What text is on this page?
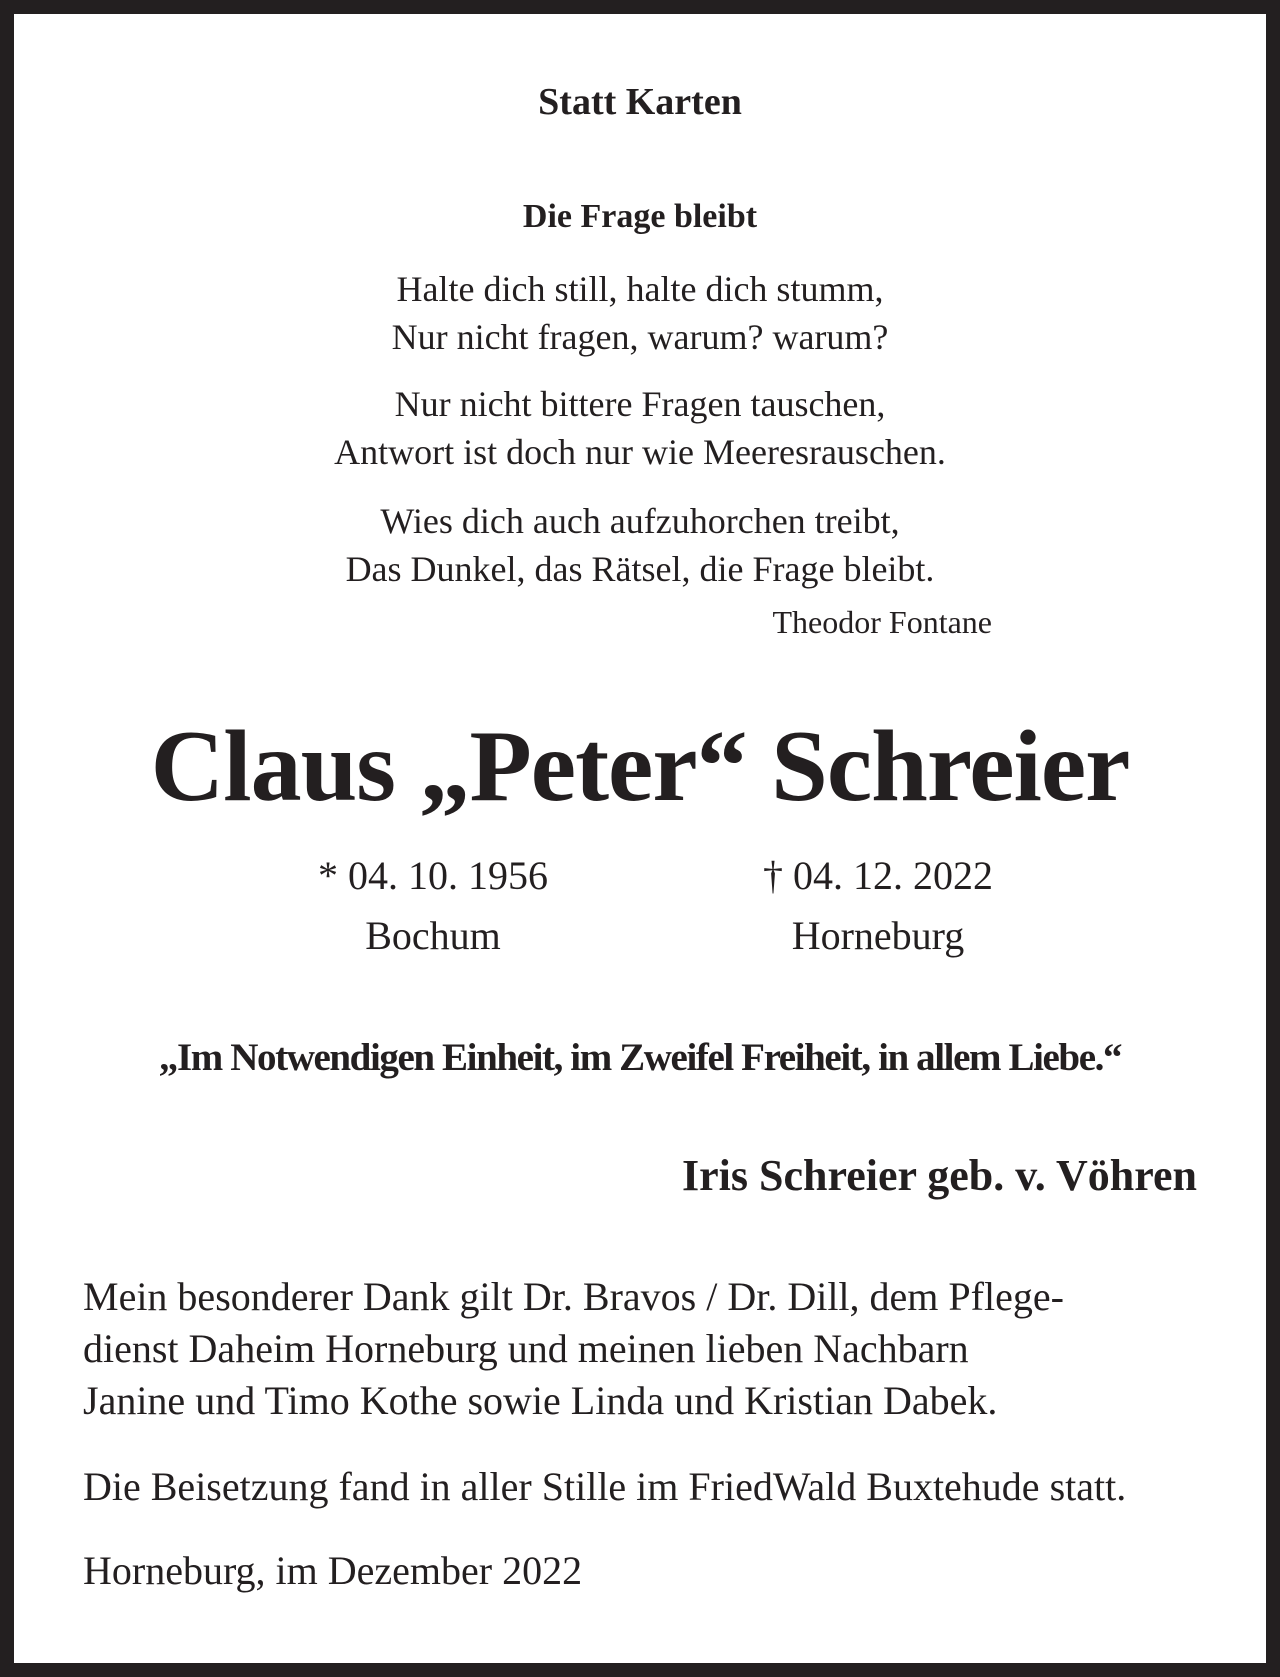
Statt Karten
Die Frage bleibt
Halte dich still, halte dich stumm,
Nur nicht fragen, warum? warum?
Nur nicht bittere Fragen tauschen,
Antwort ist doch nur wie Meeresrauschen.
Wies dich auch aufzuhorchen treibt,
Das Dunkel, das Rätsel, die Frage bleibt.
Theodor Fontane
Claus „Peter“ Schreier
* 04. 10. 1956
Bochum
† 04. 12. 2022
Horneburg
„Im Notwendigen Einheit, im Zweifel Freiheit, in allem Liebe.“
Iris Schreier geb. v. Vöhren
Mein besonderer Dank gilt Dr. Bravos / Dr. Dill, dem Pflege-
dienst Daheim Horneburg und meinen lieben Nachbarn
Janine und Timo Kothe sowie Linda und Kristian Dabek.
Die Beisetzung fand in aller Stille im FriedWald Buxtehude statt.
Horneburg, im Dezember 2022
